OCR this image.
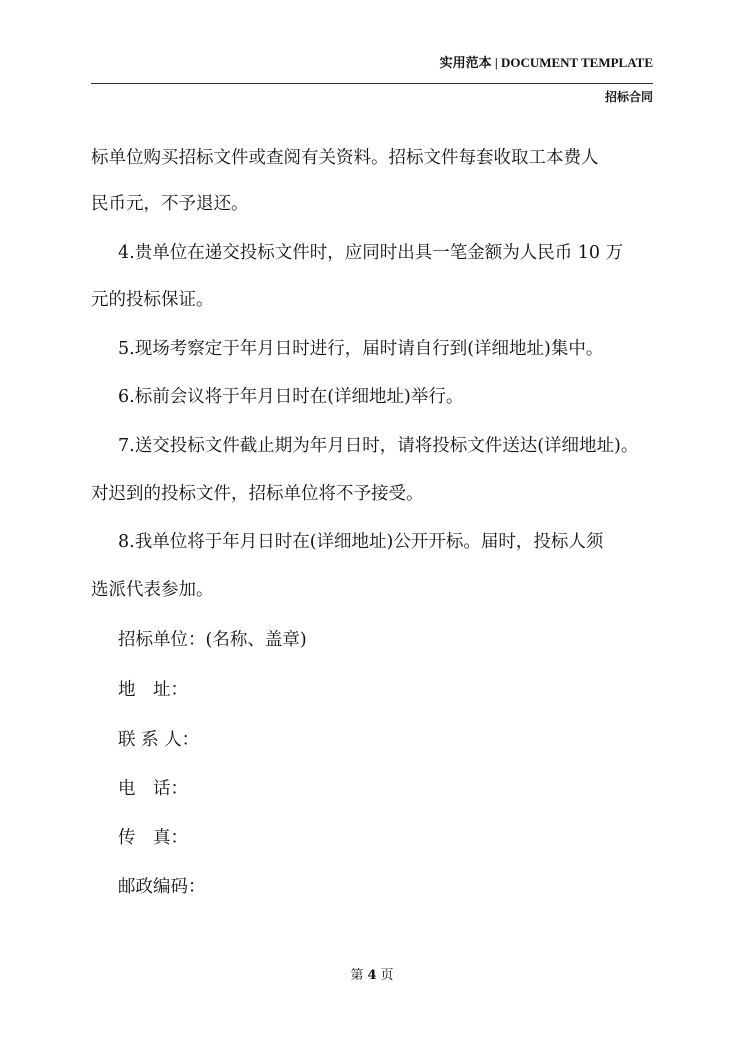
实用范本 | DOCUMENT TEMPLATE
招标合同
标单位购买招标文件或查阅有关资料。招标文件每套收取工本费人
民币元，不予退还。
4.贵单位在递交投标文件时，应同时出具一笔金额为人民币 10 万
元的投标保证。
5.现场考察定于年月日时进行，届时请自行到(详细地址)集中。
6.标前会议将于年月日时在(详细地址)举行。
7.送交投标文件截止期为年月日时，请将投标文件送达(详细地址)。
对迟到的投标文件，招标单位将不予接受。
8.我单位将于年月日时在(详细地址)公开开标。届时，投标人须
选派代表参加。
招标单位：(名称、盖章)
地　址：
联 系 人：
电　话：
传　真：
邮政编码：
第 4 页
